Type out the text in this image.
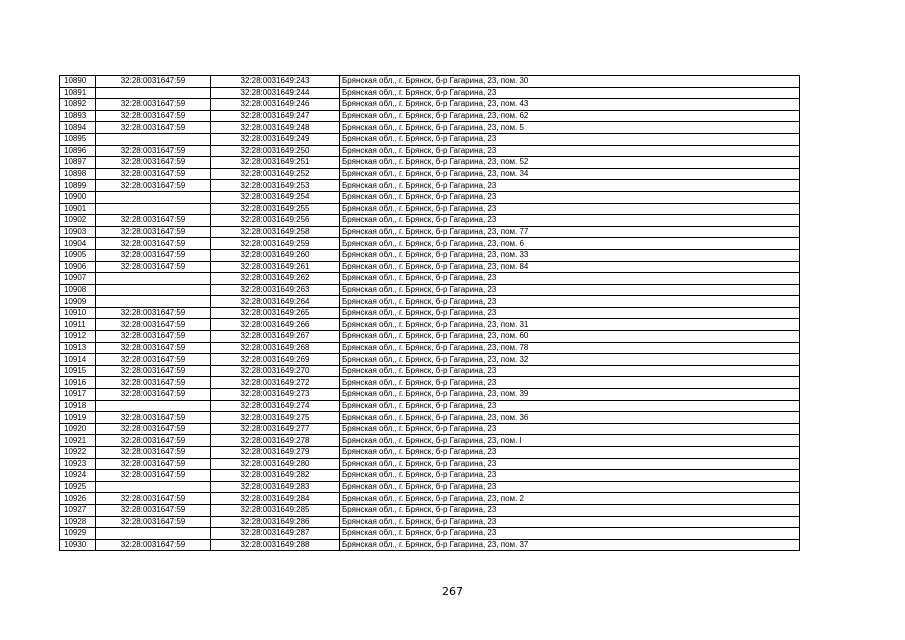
10890	32:28:0031647:59	32:28:0031649:243	Брянская обл., г. Брянск, б-р Гагарина, 23, пом. 30
10891		32:28:0031649:244	Брянская обл., г. Брянск, б-р Гагарина, 23
10892	32:28:0031647:59	32:28:0031649:246	Брянская обл., г. Брянск, б-р Гагарина, 23, пом. 43
10893	32:28:0031647:59	32:28:0031649:247	Брянская обл., г. Брянск, б-р Гагарина, 23, пом. 62
10894	32:28:0031647:59	32:28:0031649:248	Брянская обл., г. Брянск, б-р Гагарина, 23, пом. 5
10895		32:28:0031649:249	Брянская обл., г. Брянск, б-р Гагарина, 23
10896	32:28:0031647:59	32:28:0031649:250	Брянская обл., г. Брянск, б-р Гагарина, 23
10897	32:28:0031647:59	32:28:0031649:251	Брянская обл., г. Брянск, б-р Гагарина, 23, пом. 52
10898	32:28:0031647:59	32:28:0031649:252	Брянская обл., г. Брянск, б-р Гагарина, 23, пом. 34
10899	32:28:0031647:59	32:28:0031649:253	Брянская обл., г. Брянск, б-р Гагарина, 23
10900		32:28:0031649:254	Брянская обл., г. Брянск, б-р Гагарина, 23
10901		32:28:0031649:255	Брянская обл., г. Брянск, б-р Гагарина, 23
10902	32:28:0031647:59	32:28:0031649:256	Брянская обл., г. Брянск, б-р Гагарина, 23
10903	32:28:0031647:59	32:28:0031649:258	Брянская обл., г. Брянск, б-р Гагарина, 23, пом. 77
10904	32:28:0031647:59	32:28:0031649:259	Брянская обл., г. Брянск, б-р Гагарина, 23, пом. 6
10905	32:28:0031647:59	32:28:0031649:260	Брянская обл., г. Брянск, б-р Гагарина, 23, пом. 33
10906	32:28:0031647:59	32:28:0031649:261	Брянская обл., г. Брянск, б-р Гагарина, 23, пом. 84
10907		32:28:0031649:262	Брянская обл., г. Брянск, б-р Гагарина, 23
10908		32:28:0031649:263	Брянская обл., г. Брянск, б-р Гагарина, 23
10909		32:28:0031649:264	Брянская обл., г. Брянск, б-р Гагарина, 23
10910	32:28:0031647:59	32:28:0031649:265	Брянская обл., г. Брянск, б-р Гагарина, 23
10911	32:28:0031647:59	32:28:0031649:266	Брянская обл., г. Брянск, б-р Гагарина, 23, пом. 31
10912	32:28:0031647:59	32:28:0031649:267	Брянская обл., г. Брянск, б-р Гагарина, 23, пом. 60
10913	32:28:0031647:59	32:28:0031649:268	Брянская обл., г. Брянск, б-р Гагарина, 23, пом. 78
10914	32:28:0031647:59	32:28:0031649:269	Брянская обл., г. Брянск, б-р Гагарина, 23, пом. 32
10915	32:28:0031647:59	32:28:0031649:270	Брянская обл., г. Брянск, б-р Гагарина, 23
10916	32:28:0031647:59	32:28:0031649:272	Брянская обл., г. Брянск, б-р Гагарина, 23
10917	32:28:0031647:59	32:28:0031649:273	Брянская обл., г. Брянск, б-р Гагарина, 23, пом. 39
10918		32:28:0031649:274	Брянская обл., г. Брянск, б-р Гагарина, 23
10919	32:28:0031647:59	32:28:0031649:275	Брянская обл., г. Брянск, б-р Гагарина, 23, пом. 36
10920	32:28:0031647:59	32:28:0031649:277	Брянская обл., г. Брянск, б-р Гагарина, 23
10921	32:28:0031647:59	32:28:0031649:278	Брянская обл., г. Брянск, б-р Гагарина, 23, пом. I
10922	32:28:0031647:59	32:28:0031649:279	Брянская обл., г. Брянск, б-р Гагарина, 23
10923	32:28:0031647:59	32:28:0031649:280	Брянская обл., г. Брянск, б-р Гагарина, 23
10924	32:28:0031647:59	32:28:0031649:282	Брянская обл., г. Брянск, б-р Гагарина, 23
10925		32:28:0031649:283	Брянская обл., г. Брянск, б-р Гагарина, 23
10926	32:28:0031647:59	32:28:0031649:284	Брянская обл., г. Брянск, б-р Гагарина, 23, пом. 2
10927	32:28:0031647:59	32:28:0031649:285	Брянская обл., г. Брянск, б-р Гагарина, 23
10928	32:28:0031647:59	32:28:0031649:286	Брянская обл., г. Брянск, б-р Гагарина, 23
10929		32:28:0031649:287	Брянская обл., г. Брянск, б-р Гагарина, 23
10930	32:28:0031647:59	32:28:0031649:288	Брянская обл., г. Брянск, б-р Гагарина, 23, пом. 37
267
